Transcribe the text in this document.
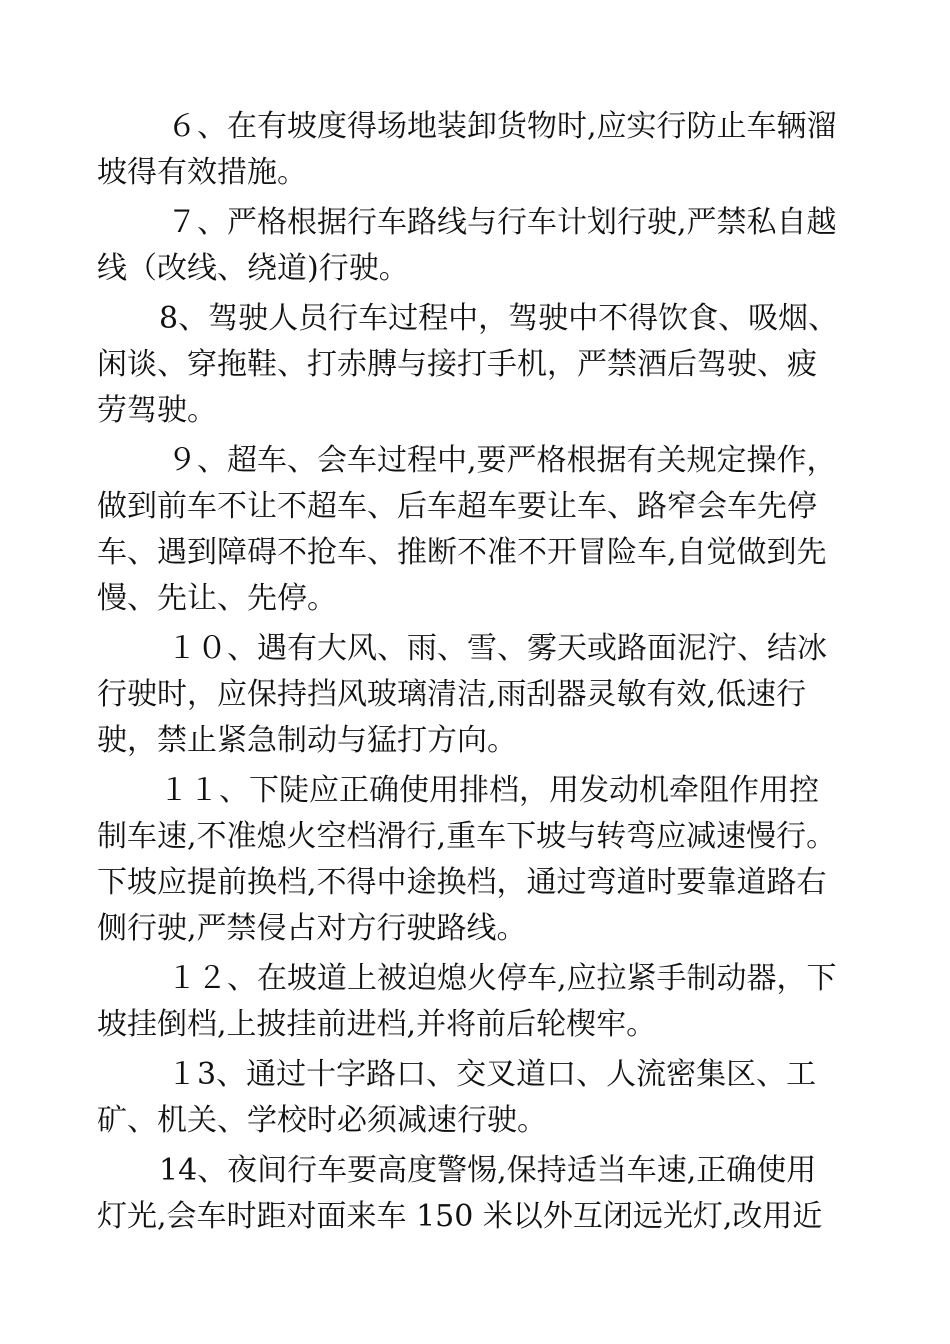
６、在有坡度得场地装卸货物时,应实行防止车辆溜
坡得有效措施。
７、严格根据行车路线与行车计划行驶,严禁私自越
线（改线、绕道)行驶。
8、驾驶人员行车过程中，驾驶中不得饮食、吸烟、
闲谈、穿拖鞋、打赤膊与接打手机，严禁酒后驾驶、疲
劳驾驶。
９、超车、会车过程中,要严格根据有关规定操作，
做到前车不让不超车、后车超车要让车、路窄会车先停
车、遇到障碍不抢车、推断不准不开冒险车,自觉做到先
慢、先让、先停。
１０、遇有大风、雨、雪、雾天或路面泥泞、结冰
行驶时，应保持挡风玻璃清洁,雨刮器灵敏有效,低速行
驶，禁止紧急制动与猛打方向。
１１、下陡应正确使用排档，用发动机牵阻作用控
制车速,不准熄火空档滑行,重车下坡与转弯应减速慢行。
下坡应提前换档,不得中途换档，通过弯道时要靠道路右
侧行驶,严禁侵占对方行驶路线。
１２、在坡道上被迫熄火停车,应拉紧手制动器，下
坡挂倒档,上披挂前进档,并将前后轮楔牢。
１3、通过十字路口、交叉道口、人流密集区、工
矿、机关、学校时必须减速行驶。
14、夜间行车要高度警惕,保持适当车速,正确使用
灯光,会车时距对面来车 150 米以外互闭远光灯,改用近
